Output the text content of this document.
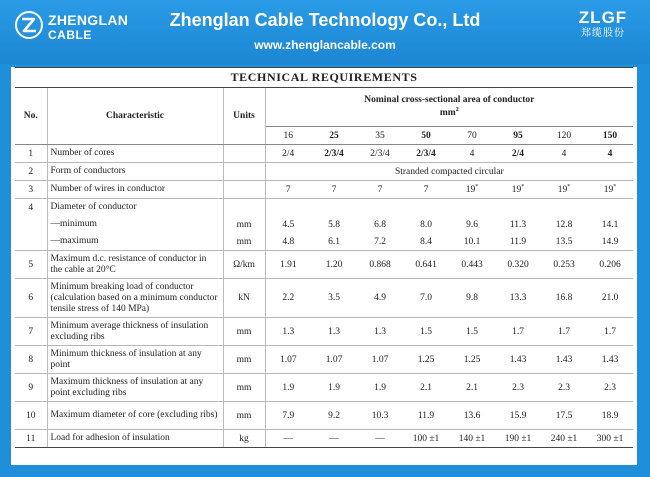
ZHENGLAN
CABLE
Zhenglan Cable Technology Co., Ltd
www.zhenglancable.com
ZLGF
郑缆股份
TECHNICAL REQUIREMENTS										
No.	Characteristic	Units	Nominal cross-sectional area of conductor
$mm^2$
			16	25	35	50	70	95	120	150
1	Number of cores		2/4	2/3/4	2/3/4	2/3/4	4	2/4	4	4
2	Form of conductors		Stranded compacted circular							
3	Number of wires in conductor		7	7	7	7	19*	19*	19*	19*
4	Diameter of conductor									
	—minimum	mm	4.5	5.8	6.8	8.0	9.6	11.3	12.8	14.1
	—maximum	mm	4.8	6.1	7.2	8.4	10.1	11.9	13.5	14.9
5	Maximum d.c. resistance of conductor in the cable at 20°C	Ω/km	1.91	1.20	0.868	0.641	0.443	0.320	0.253	0.206
6	Minimum breaking load of conductor (calculation based on a minimum conductor tensile stress of 140 MPa)	kN	2.2	3.5	4.9	7.0	9.8	13.3	16.8	21.0
7	Minimum average thickness of insulation excluding ribs	mm	1.3	1.3	1.3	1.5	1.5	1.7	1.7	1.7
8	Minimum thickness of insulation at any point	mm	1.07	1.07	1.07	1.25	1.25	1.43	1.43	1.43
9	Maximum thickness of insulation at any point excluding ribs	mm	1.9	1.9	1.9	2.1	2.1	2.3	2.3	2.3
10	Maximum diameter of core (excluding ribs)	mm	7.9	9.2	10.3	11.9	13.6	15.9	17.5	18.9
11	Load for adhesion of insulation	kg	—	—	—	100 ±1	140 ±1	190 ±1	240 ±1	300 ±1
